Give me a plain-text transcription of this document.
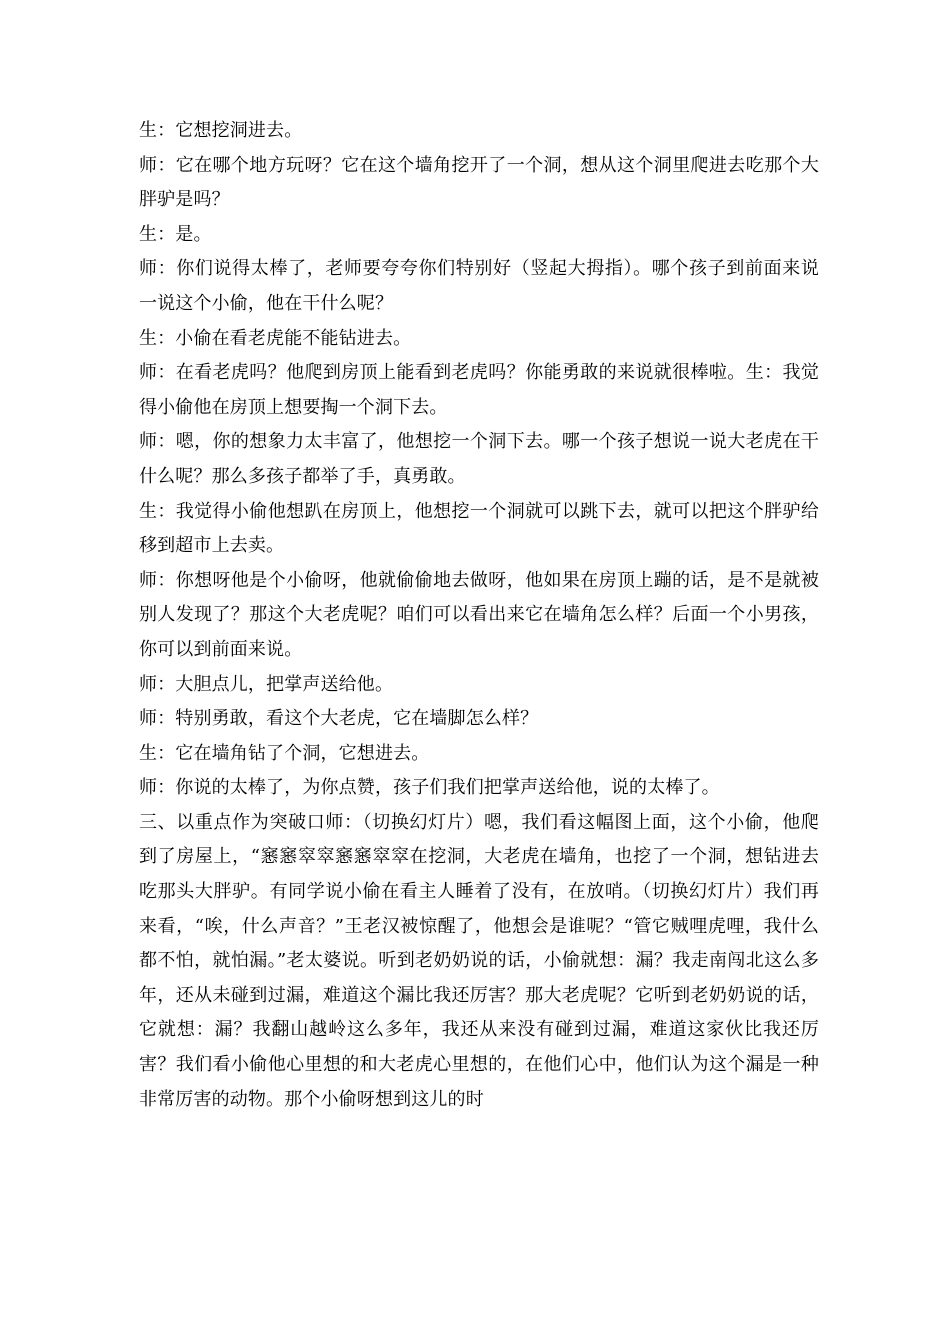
生：它想挖洞进去。

师：它在哪个地方玩呀？它在这个墙角挖开了一个洞，想从这个洞里爬进去吃那个大胖驴是吗？

生：是。

师：你们说得太棒了，老师要夸夸你们特别好（竖起大拇指）。哪个孩子到前面来说一说这个小偷，他在干什么呢？

生：小偷在看老虎能不能钻进去。

师：在看老虎吗？他爬到房顶上能看到老虎吗？你能勇敢的来说就很棒啦。生：我觉得小偷他在房顶上想要掏一个洞下去。

师：嗯，你的想象力太丰富了，他想挖一个洞下去。哪一个孩子想说一说大老虎在干什么呢？那么多孩子都举了手，真勇敢。

生：我觉得小偷他想趴在房顶上，他想挖一个洞就可以跳下去，就可以把这个胖驴给移到超市上去卖。

师：你想呀他是个小偷呀，他就偷偷地去做呀，他如果在房顶上蹦的话，是不是就被别人发现了？那这个大老虎呢？咱们可以看出来它在墙角怎么样？后面一个小男孩，你可以到前面来说。

师：大胆点儿，把掌声送给他。

师：特别勇敢，看这个大老虎，它在墙脚怎么样？

生：它在墙角钻了个洞，它想进去。

师：你说的太棒了，为你点赞，孩子们我们把掌声送给他，说的太棒了。

三、以重点作为突破口师：（切换幻灯片）嗯，我们看这幅图上面，这个小偷，他爬到了房屋上，“窸窸窣窣窸窸窣窣在挖洞，大老虎在墙角，也挖了一个洞，想钻进去吃那头大胖驴。有同学说小偷在看主人睡着了没有，在放哨。（切换幻灯片）我们再来看，“唉，什么声音？”王老汉被惊醒了，他想会是谁呢？“管它贼哩虎哩，我什么都不怕，就怕漏。”老太婆说。听到老奶奶说的话，小偷就想：漏？我走南闯北这么多年，还从未碰到过漏，难道这个漏比我还厉害？那大老虎呢？它听到老奶奶说的话，它就想：漏？我翻山越岭这么多年，我还从来没有碰到过漏，难道这家伙比我还厉害？我们看小偷他心里想的和大老虎心里想的，在他们心中，他们认为这个漏是一种非常厉害的动物。那个小偷呀想到这儿的时
